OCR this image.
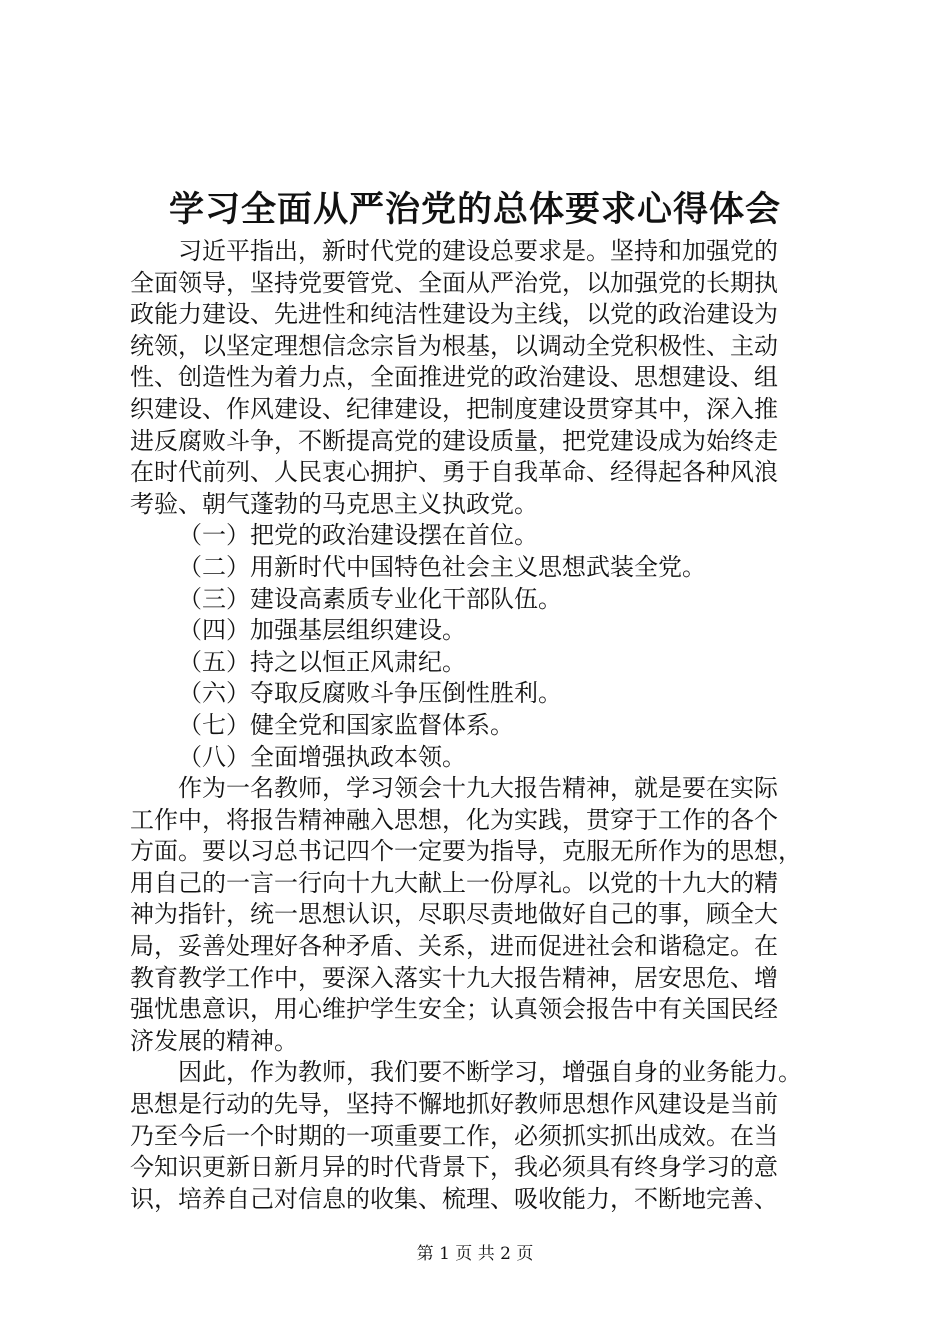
学习全面从严治党的总体要求心得体会
习近平指出，新时代党的建设总要求是。坚持和加强党的
全面领导，坚持党要管党、全面从严治党，以加强党的长期执
政能力建设、先进性和纯洁性建设为主线，以党的政治建设为
统领，以坚定理想信念宗旨为根基，以调动全党积极性、主动
性、创造性为着力点，全面推进党的政治建设、思想建设、组
织建设、作风建设、纪律建设，把制度建设贯穿其中，深入推
进反腐败斗争，不断提高党的建设质量，把党建设成为始终走
在时代前列、人民衷心拥护、勇于自我革命、经得起各种风浪
考验、朝气蓬勃的马克思主义执政党。
（一）把党的政治建设摆在首位。
（二）用新时代中国特色社会主义思想武装全党。
（三）建设高素质专业化干部队伍。
（四）加强基层组织建设。
（五）持之以恒正风肃纪。
（六）夺取反腐败斗争压倒性胜利。
（七）健全党和国家监督体系。
（八）全面增强执政本领。
作为一名教师，学习领会十九大报告精神，就是要在实际
工作中，将报告精神融入思想，化为实践，贯穿于工作的各个
方面。要以习总书记四个一定要为指导，克服无所作为的思想，
用自己的一言一行向十九大献上一份厚礼。以党的十九大的精
神为指针，统一思想认识，尽职尽责地做好自己的事，顾全大
局，妥善处理好各种矛盾、关系，进而促进社会和谐稳定。在
教育教学工作中，要深入落实十九大报告精神，居安思危、增
强忧患意识，用心维护学生安全；认真领会报告中有关国民经
济发展的精神。
因此，作为教师，我们要不断学习，增强自身的业务能力。
思想是行动的先导，坚持不懈地抓好教师思想作风建设是当前
乃至今后一个时期的一项重要工作，必须抓实抓出成效。在当
今知识更新日新月异的时代背景下，我必须具有终身学习的意
识，培养自己对信息的收集、梳理、吸收能力，不断地完善、
第 1 页 共 2 页
